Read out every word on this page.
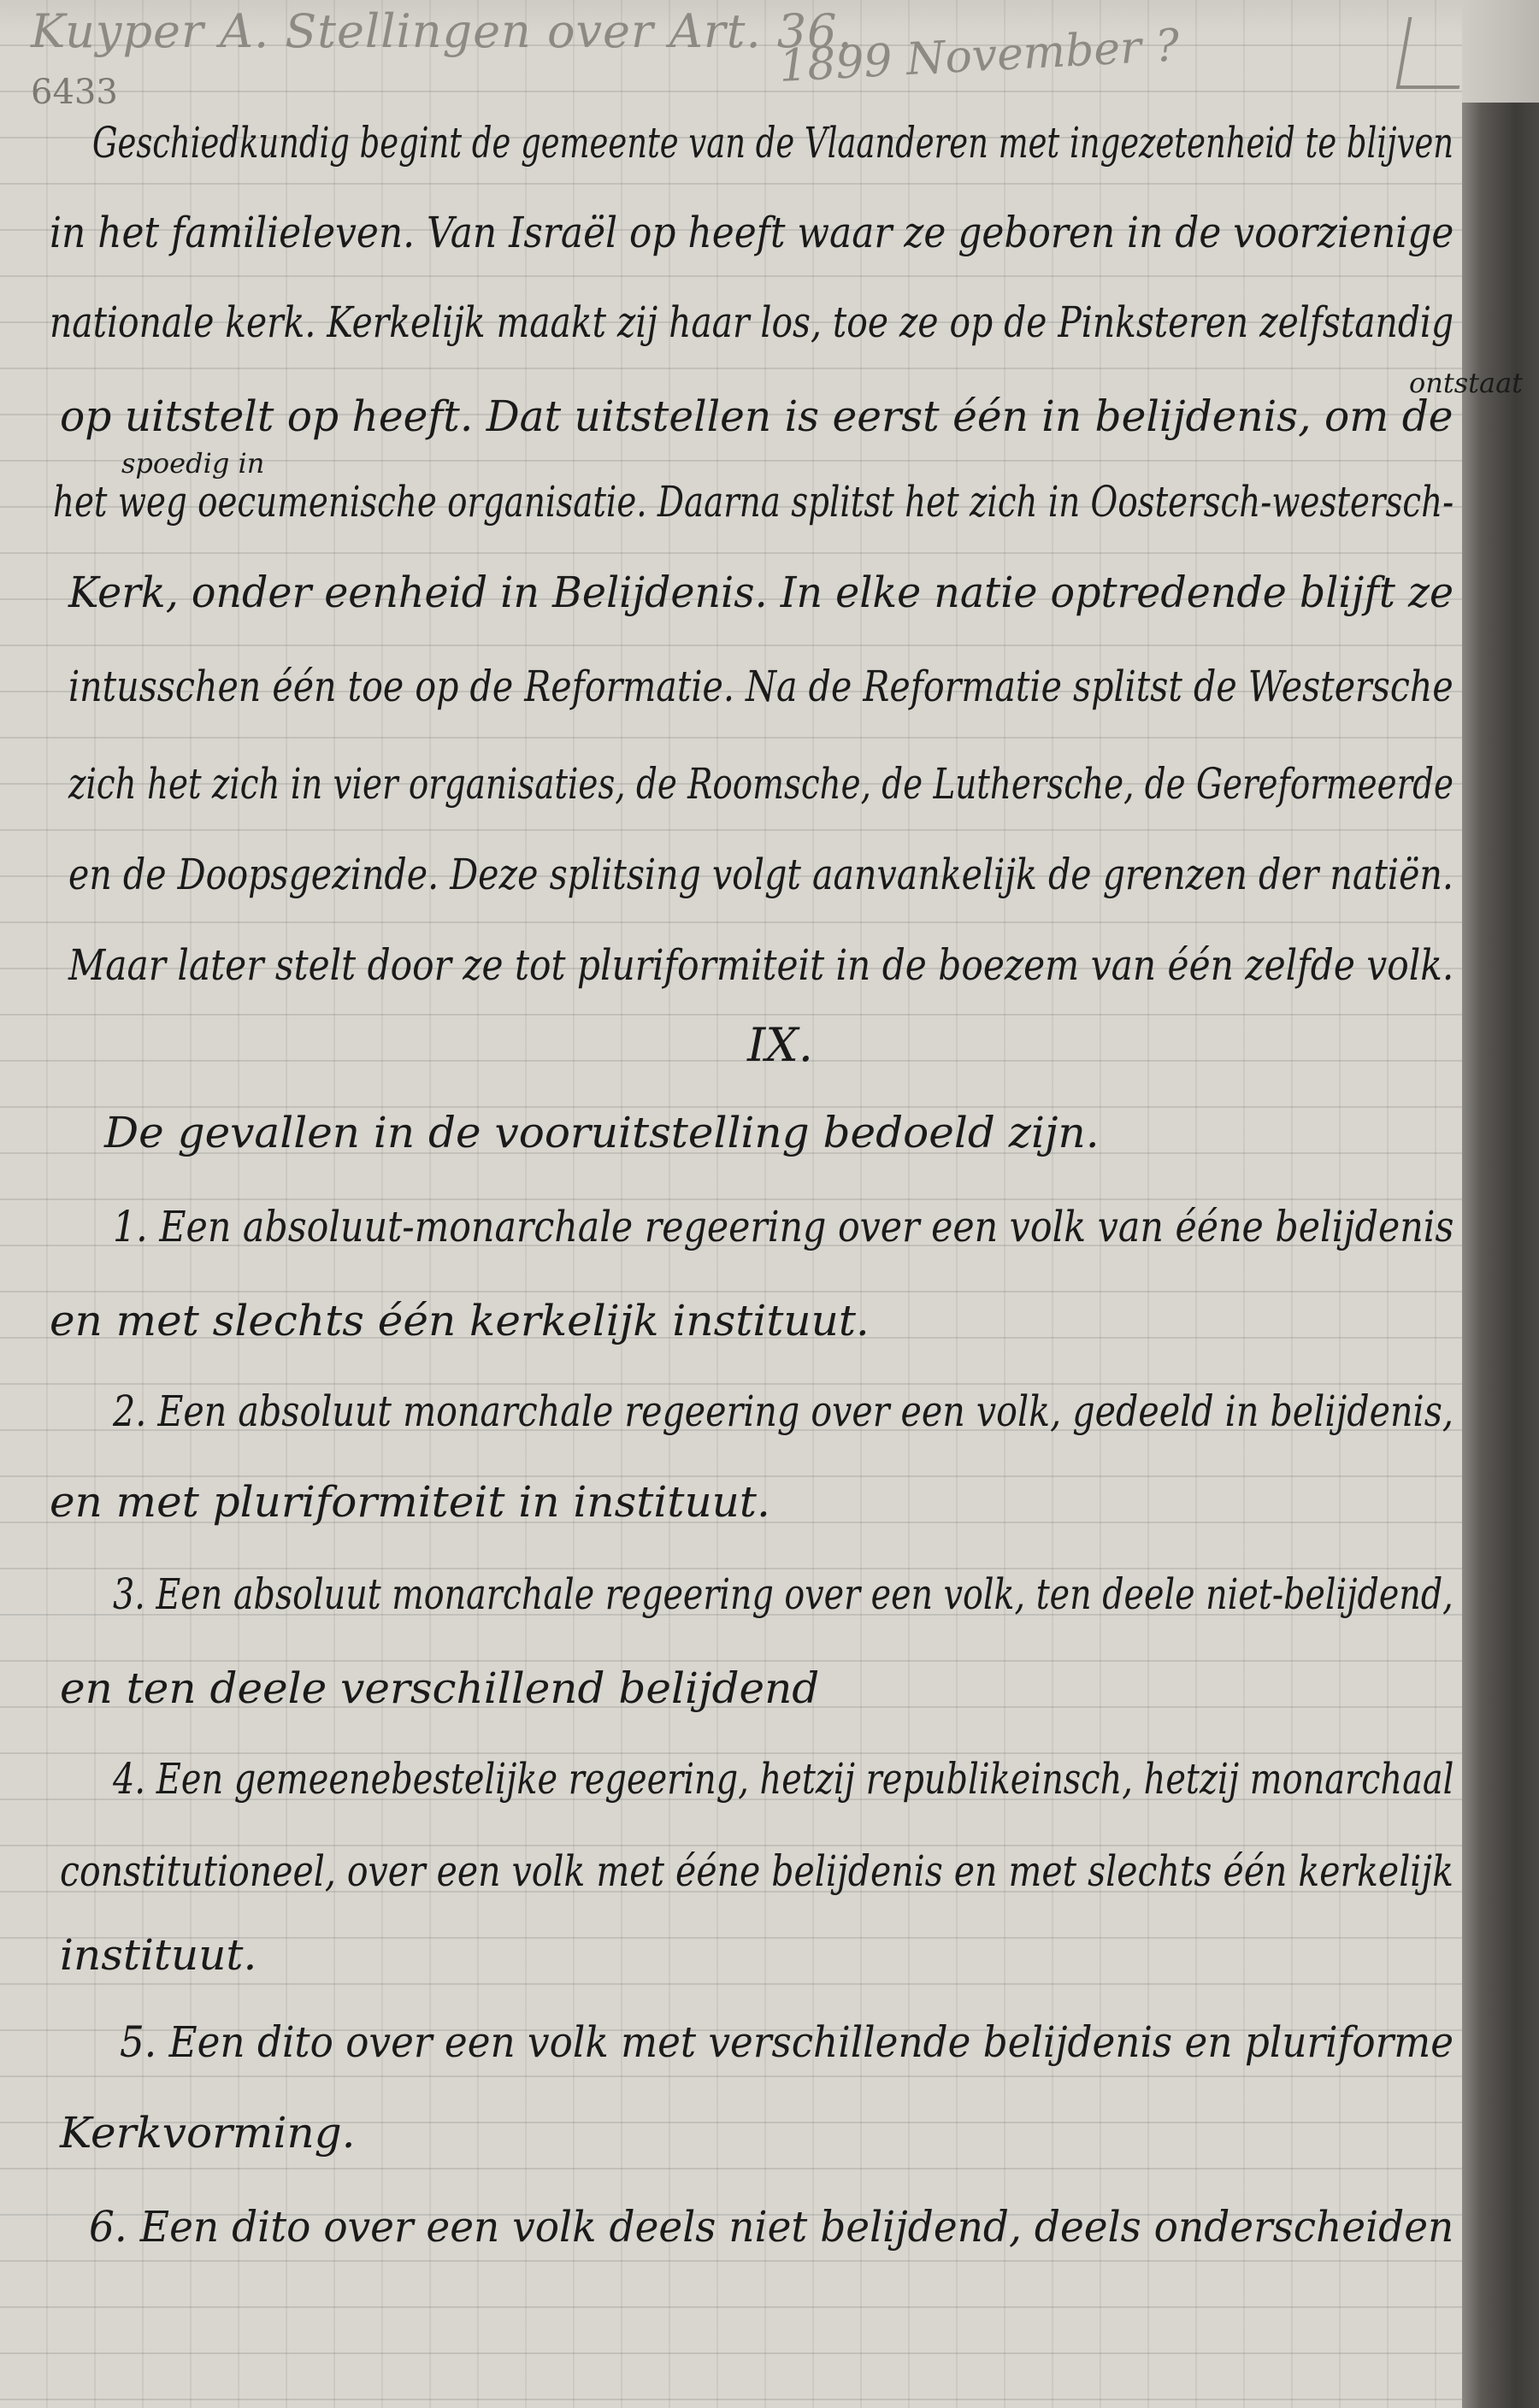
Kuyper A. Stellingen over Art. 36.
1899 November ?
6433
Geschiedkundig begint de gemeente van de Vlaanderen met ingezetenheid te blijven
in het familieleven. Van Israël op heeft waar ze geboren in de voorzienige
nationale kerk. Kerkelijk maakt zij haar los, toe ze op de Pinksteren zelfstandig
ontstaat
op uitstelt op heeft. Dat uitstellen is eerst één in belijdenis, om de
spoedig in
het weg oecumenische organisatie. Daarna splitst het zich in Oostersch-westersch-
Kerk, onder eenheid in Belijdenis. In elke natie optredende blijft ze
intusschen één toe op de Reformatie. Na de Reformatie splitst de Westersche
zich het zich in vier organisaties, de Roomsche, de Luthersche, de Gereformeerde
en de Doopsgezinde. Deze splitsing volgt aanvankelijk de grenzen der natiën.
Maar later stelt door ze tot pluriformiteit in de boezem van één zelfde volk.
IX.
De gevallen in de vooruitstelling bedoeld zijn.
1. Een absoluut-monarchale regeering over een volk van ééne belijdenis
en met slechts één kerkelijk instituut.
2. Een absoluut monarchale regeering over een volk, gedeeld in belijdenis,
en met pluriformiteit in instituut.
3. Een absoluut monarchale regeering over een volk, ten deele niet-belijdend,
en ten deele verschillend belijdend
4. Een gemeenebestelijke regeering, hetzij republikeinsch, hetzij monarchaal
constitutioneel, over een volk met ééne belijdenis en met slechts één kerkelijk
instituut.
5. Een dito over een volk met verschillende belijdenis en pluriforme
Kerkvorming.
6. Een dito over een volk deels niet belijdend, deels onderscheiden
